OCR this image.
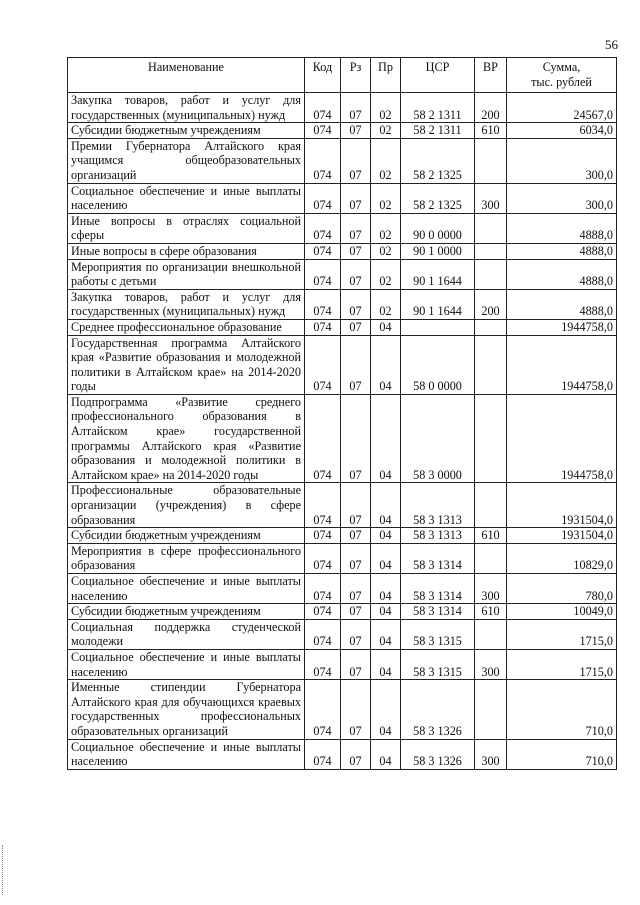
56
Наименование	Код	Рз	Пр	ЦСР	ВР	Сумма,
тыс. рублей
Закупка товаров, работ и услуг для государственных (муниципальных) нужд	074	07	02	58 2 1311	200	24567,0
Субсидии бюджетным учреждениям	074	07	02	58 2 1311	610	6034,0
Премии Губернатора Алтайского края учащимся общеобразовательных организаций	074	07	02	58 2 1325		300,0
Социальное обеспечение и иные выплаты населению	074	07	02	58 2 1325	300	300,0
Иные вопросы в отраслях социальной сферы	074	07	02	90 0 0000		4888,0
Иные вопросы в сфере образования	074	07	02	90 1 0000		4888,0
Мероприятия по организации внешкольной работы с детьми	074	07	02	90 1 1644		4888,0
Закупка товаров, работ и услуг для государственных (муниципальных) нужд	074	07	02	90 1 1644	200	4888,0
Среднее профессиональное образование	074	07	04			1944758,0
Государственная программа Алтайского края «Развитие образования и молодежной политики в Алтайском крае» на 2014-2020 годы	074	07	04	58 0 0000		1944758,0
Подпрограмма «Развитие среднего профессионального образования в Алтайском крае» государственной программы Алтайского края «Развитие образования и молодежной политики в Алтайском крае» на 2014-2020 годы	074	07	04	58 3 0000		1944758,0
Профессиональные образовательные организации (учреждения) в сфере образования	074	07	04	58 3 1313		1931504,0
Субсидии бюджетным учреждениям	074	07	04	58 3 1313	610	1931504,0
Мероприятия в сфере профессионального образования	074	07	04	58 3 1314		10829,0
Социальное обеспечение и иные выплаты населению	074	07	04	58 3 1314	300	780,0
Субсидии бюджетным учреждениям	074	07	04	58 3 1314	610	10049,0
Социальная поддержка студенческой молодежи	074	07	04	58 3 1315		1715,0
Социальное обеспечение и иные выплаты населению	074	07	04	58 3 1315	300	1715,0
Именные стипендии Губернатора Алтайского края для обучающихся краевых государственных профессиональных образовательных организаций	074	07	04	58 3 1326		710,0
Социальное обеспечение и иные выплаты населению	074	07	04	58 3 1326	300	710,0
